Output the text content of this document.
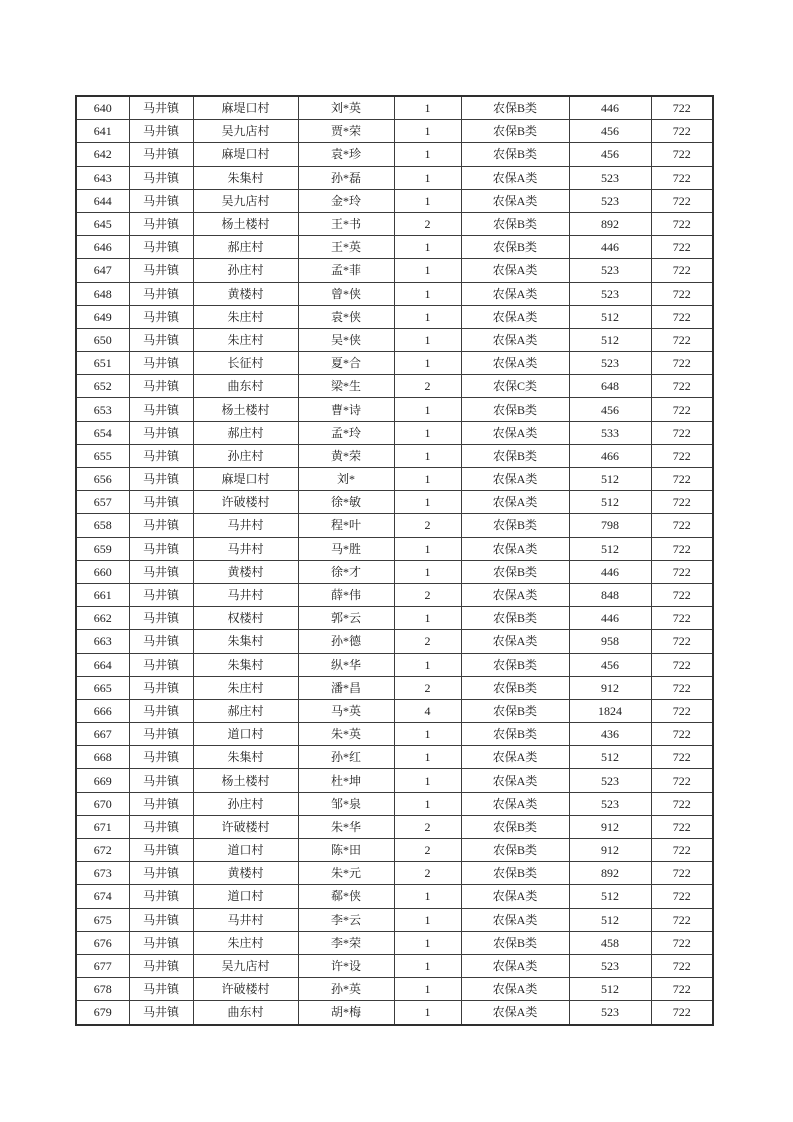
640	马井镇	麻堤口村	刘*英	1	农保B类	446	722
641	马井镇	吴九店村	贾*荣	1	农保B类	456	722
642	马井镇	麻堤口村	袁*珍	1	农保B类	456	722
643	马井镇	朱集村	孙*磊	1	农保A类	523	722
644	马井镇	吴九店村	金*玲	1	农保A类	523	722
645	马井镇	杨土楼村	王*书	2	农保B类	892	722
646	马井镇	郝庄村	王*英	1	农保B类	446	722
647	马井镇	孙庄村	孟*菲	1	农保A类	523	722
648	马井镇	黄楼村	曾*侠	1	农保A类	523	722
649	马井镇	朱庄村	袁*侠	1	农保A类	512	722
650	马井镇	朱庄村	吴*侠	1	农保A类	512	722
651	马井镇	长征村	夏*合	1	农保A类	523	722
652	马井镇	曲东村	梁*生	2	农保C类	648	722
653	马井镇	杨土楼村	曹*诗	1	农保B类	456	722
654	马井镇	郝庄村	孟*玲	1	农保A类	533	722
655	马井镇	孙庄村	黄*荣	1	农保B类	466	722
656	马井镇	麻堤口村	刘*	1	农保A类	512	722
657	马井镇	许破楼村	徐*敏	1	农保A类	512	722
658	马井镇	马井村	程*叶	2	农保B类	798	722
659	马井镇	马井村	马*胜	1	农保A类	512	722
660	马井镇	黄楼村	徐*才	1	农保B类	446	722
661	马井镇	马井村	薛*伟	2	农保A类	848	722
662	马井镇	权楼村	郭*云	1	农保B类	446	722
663	马井镇	朱集村	孙*德	2	农保A类	958	722
664	马井镇	朱集村	纵*华	1	农保B类	456	722
665	马井镇	朱庄村	潘*昌	2	农保B类	912	722
666	马井镇	郝庄村	马*英	4	农保B类	1824	722
667	马井镇	道口村	朱*英	1	农保B类	436	722
668	马井镇	朱集村	孙*红	1	农保A类	512	722
669	马井镇	杨土楼村	杜*坤	1	农保A类	523	722
670	马井镇	孙庄村	邹*泉	1	农保A类	523	722
671	马井镇	许破楼村	朱*华	2	农保B类	912	722
672	马井镇	道口村	陈*田	2	农保B类	912	722
673	马井镇	黄楼村	朱*元	2	农保B类	892	722
674	马井镇	道口村	郗*侠	1	农保A类	512	722
675	马井镇	马井村	李*云	1	农保A类	512	722
676	马井镇	朱庄村	李*荣	1	农保B类	458	722
677	马井镇	吴九店村	许*设	1	农保A类	523	722
678	马井镇	许破楼村	孙*英	1	农保A类	512	722
679	马井镇	曲东村	胡*梅	1	农保A类	523	722
